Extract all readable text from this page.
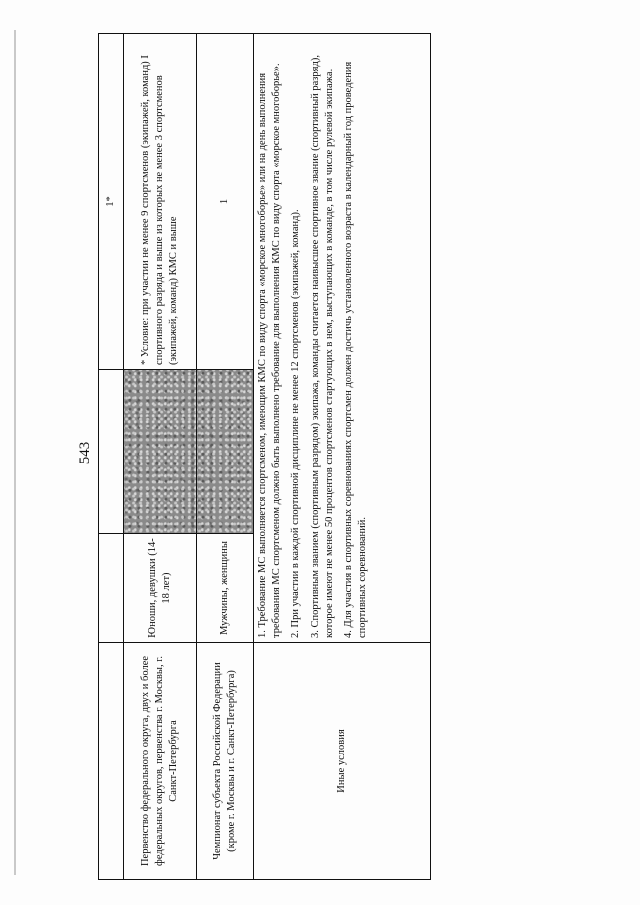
543
			1*
Первенство федерального округа, двух и более федеральных округов, первенства г. Москвы, г. Санкт-Петербурга	Юноши, девушки (14-18 лет)		* Условие: при участии не менее 9 спортсменов (экипажей, команд) I спортивного разряда и выше из которых не менее 3 спортсменов (экипажей, команд) КМС и выше
Чемпионат субъекта Российской Федерации (кроме г. Москвы и г. Санкт-Петербурга)	Мужчины, женщины		1
Иные условия	1. Требование МС выполняется спортсменом, имеющим КМС по виду спорта «морское многоборье» или на день выполнения требования МС спортсменом должно быть выполнено требование для выполнения КМС по виду спорта «морское многоборье». 2. При участии в каждой спортивной дисциплине не менее 12 спортсменов (экипажей, команд). 3. Спортивным званием (спортивным разрядом) экипажа, команды считается наивысшее спортивное звание (спортивный разряд), которое имеют не менее 50 процентов спортсменов стартующих в нем, выступающих в команде, в том числе рулевой экипажа. 4. Для участия в спортивных соревнованиях спортсмен должен достичь установленного возраста в календарный год проведения спортивных соревнований.		
